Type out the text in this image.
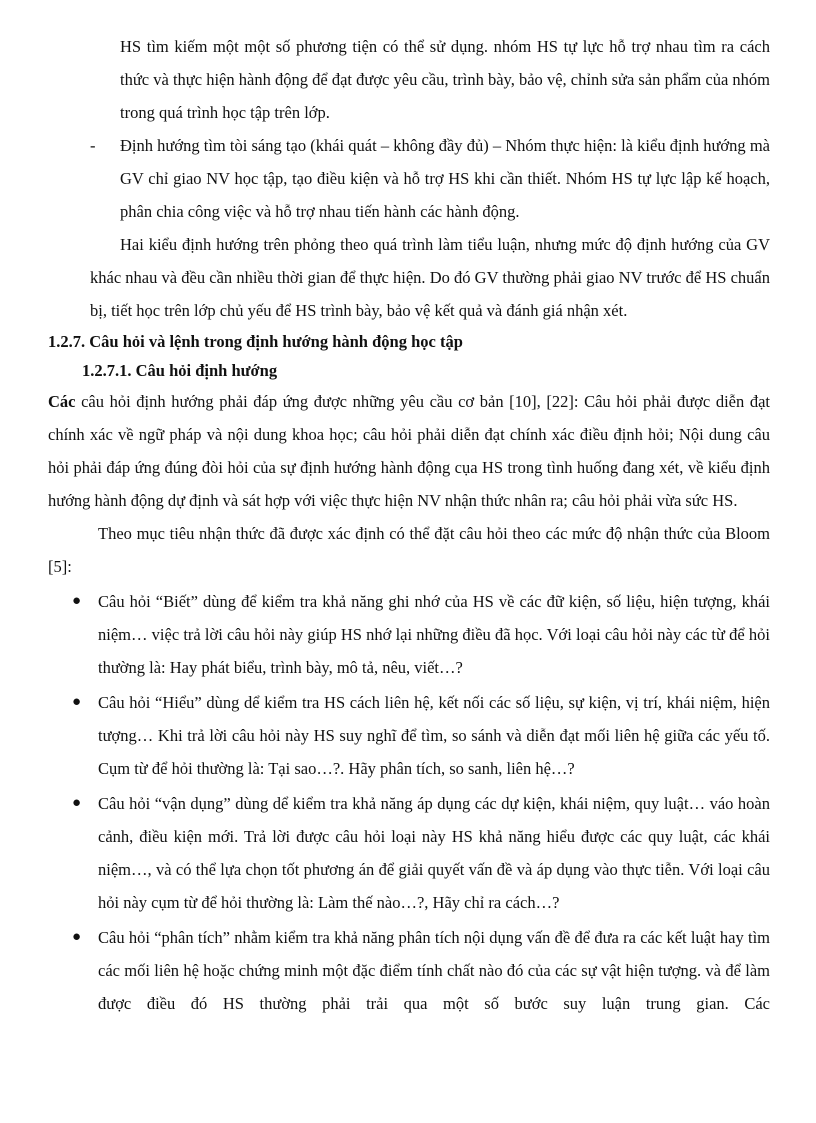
HS tìm kiếm một một số phương tiện có thể sử dụng. nhóm HS tự lực hỗ trợ nhau tìm ra cách thức và thực hiện hành động để đạt được yêu cầu, trình bày, bảo vệ, chỉnh sửa sản phẩm của nhóm trong quá trình học tập trên lớp.

-	Định hướng tìm tòi sáng tạo (khái quát – không đầy đủ) – Nhóm thực hiện: là kiểu định hướng mà GV chỉ giao NV học tập, tạo điều kiện và hỗ trợ HS khi cần thiết. Nhóm HS tự lực lập kế hoạch, phân chia công việc và hỗ trợ nhau tiến hành các hành động.

Hai kiểu định hướng trên phỏng theo quá trình làm tiểu luận, nhưng mức độ định hướng của GV khác nhau và đều cần nhiều thời gian để thực hiện. Do đó GV thường phải giao NV trước để HS chuẩn bị, tiết học trên lớp chủ yếu để HS trình bày, bảo vệ kết quả và đánh giá nhận xét.

1.2.7. Câu hỏi và lệnh trong định hướng hành động học tập

1.2.7.1. Câu hỏi định hướng

Các câu hỏi định hướng phải đáp ứng được những yêu cầu cơ bản [10], [22]: Câu hỏi phải được diễn đạt chính xác về ngữ pháp và nội dung khoa học; câu hỏi phải diễn đạt chính xác điều định hỏi; Nội dung câu hỏi phải đáp ứng đúng đòi hỏi của sự định hướng hành động cụa HS trong tình huống đang xét, về kiểu định hướng hành động dự định và sát hợp với việc thực hiện NV nhận thức nhân ra; câu hỏi phải vừa sức HS.

Theo mục tiêu nhận thức đã được xác định có thể đặt câu hỏi theo các mức độ nhận thức của Bloom [5]:

●	Câu hỏi “Biết” dùng để kiểm tra khả năng ghi nhớ của HS về các đữ kiện, số liệu, hiện tượng, khái niệm… việc trả lời câu hỏi này giúp HS nhớ lại những điều đã học. Với loại câu hỏi này các từ để hỏi thường là: Hay phát biểu, trình bày, mô tả, nêu, viết…?

●	Câu hỏi “Hiểu” dùng dể kiểm tra HS cách liên hệ, kết nối các số liệu, sự kiện, vị trí, khái niệm, hiện tượng… Khi trả lời câu hỏi này HS suy nghĩ để tìm, so sánh và diễn đạt mối liên hệ giữa các yếu tố. Cụm từ để hỏi thường là: Tại sao…?. Hãy phân tích, so sanh, liên hệ…?

●	Câu hỏi “vận dụng” dùng dể kiểm tra khả năng áp dụng các dự kiện, khái niệm, quy luật… váo hoàn cảnh, điều kiện mới. Trả lời được câu hỏi loại này HS khả năng hiểu được các quy luật, các khái niệm…, và có thể lựa chọn tốt phương án để giải quyết vấn đề và áp dụng vào thực tiễn. Với loại câu hỏi này cụm từ để hỏi thường là: Làm thế nào…?, Hãy chỉ ra cách…?

●	Câu hỏi “phân tích” nhằm kiểm tra khả năng phân tích nội dụng vấn đề để đưa ra các kết luật hay tìm các mối liên hệ hoặc chứng minh một đặc điểm tính chất nào đó của các sự vật hiện tượng. và để làm được điều đó HS thường phải trải qua một số bước suy luận trung gian. Các
